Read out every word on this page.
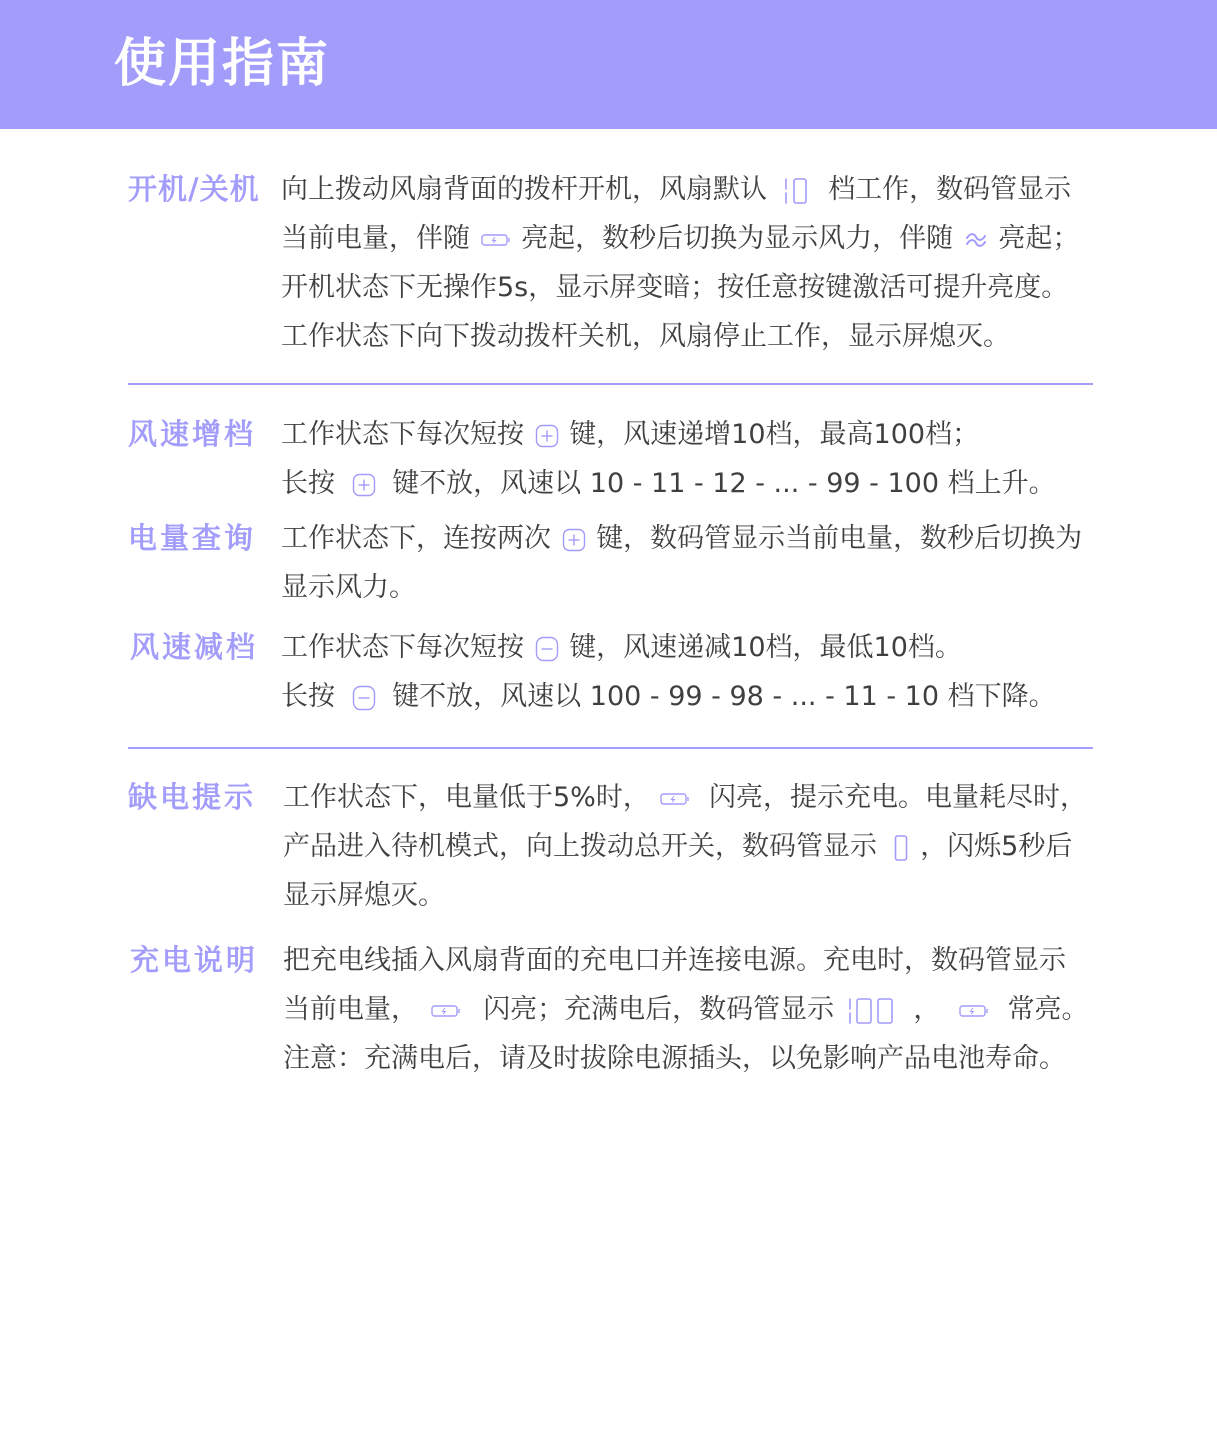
使用指南
开机/关机 向上拨动风扇背面的拨杆开机，风扇默认 档工作，数码管显示
当前电量，伴随 亮起，数秒后切换为显示风力，伴随 亮起；
开机状态下无操作5s，显示屏变暗；按任意按键激活可提升亮度。
工作状态下向下拨动拨杆关机，风扇停止工作，显示屏熄灭。
风速增档 工作状态下每次短按 键，风速递增10档，最高100档；
长按 键不放，风速以 10 - 11 - 12 - ... - 99 - 100 档上升。
电量查询 工作状态下，连按两次 键，数码管显示当前电量，数秒后切换为
显示风力。
风速减档 工作状态下每次短按 键，风速递减10档，最低10档。
长按 键不放，风速以 100 - 99 - 98 - ... - 11 - 10 档下降。
缺电提示 工作状态下，电量低于5%时， 闪亮，提示充电。电量耗尽时，
产品进入待机模式，向上拨动总开关，数码管显示 ，闪烁5秒后
显示屏熄灭。
充电说明 把充电线插入风扇背面的充电口并连接电源。充电时，数码管显示
当前电量， 闪亮；充满电后，数码管显示	， 常亮。
注意：充满电后，请及时拔除电源插头，以免影响产品电池寿命。
